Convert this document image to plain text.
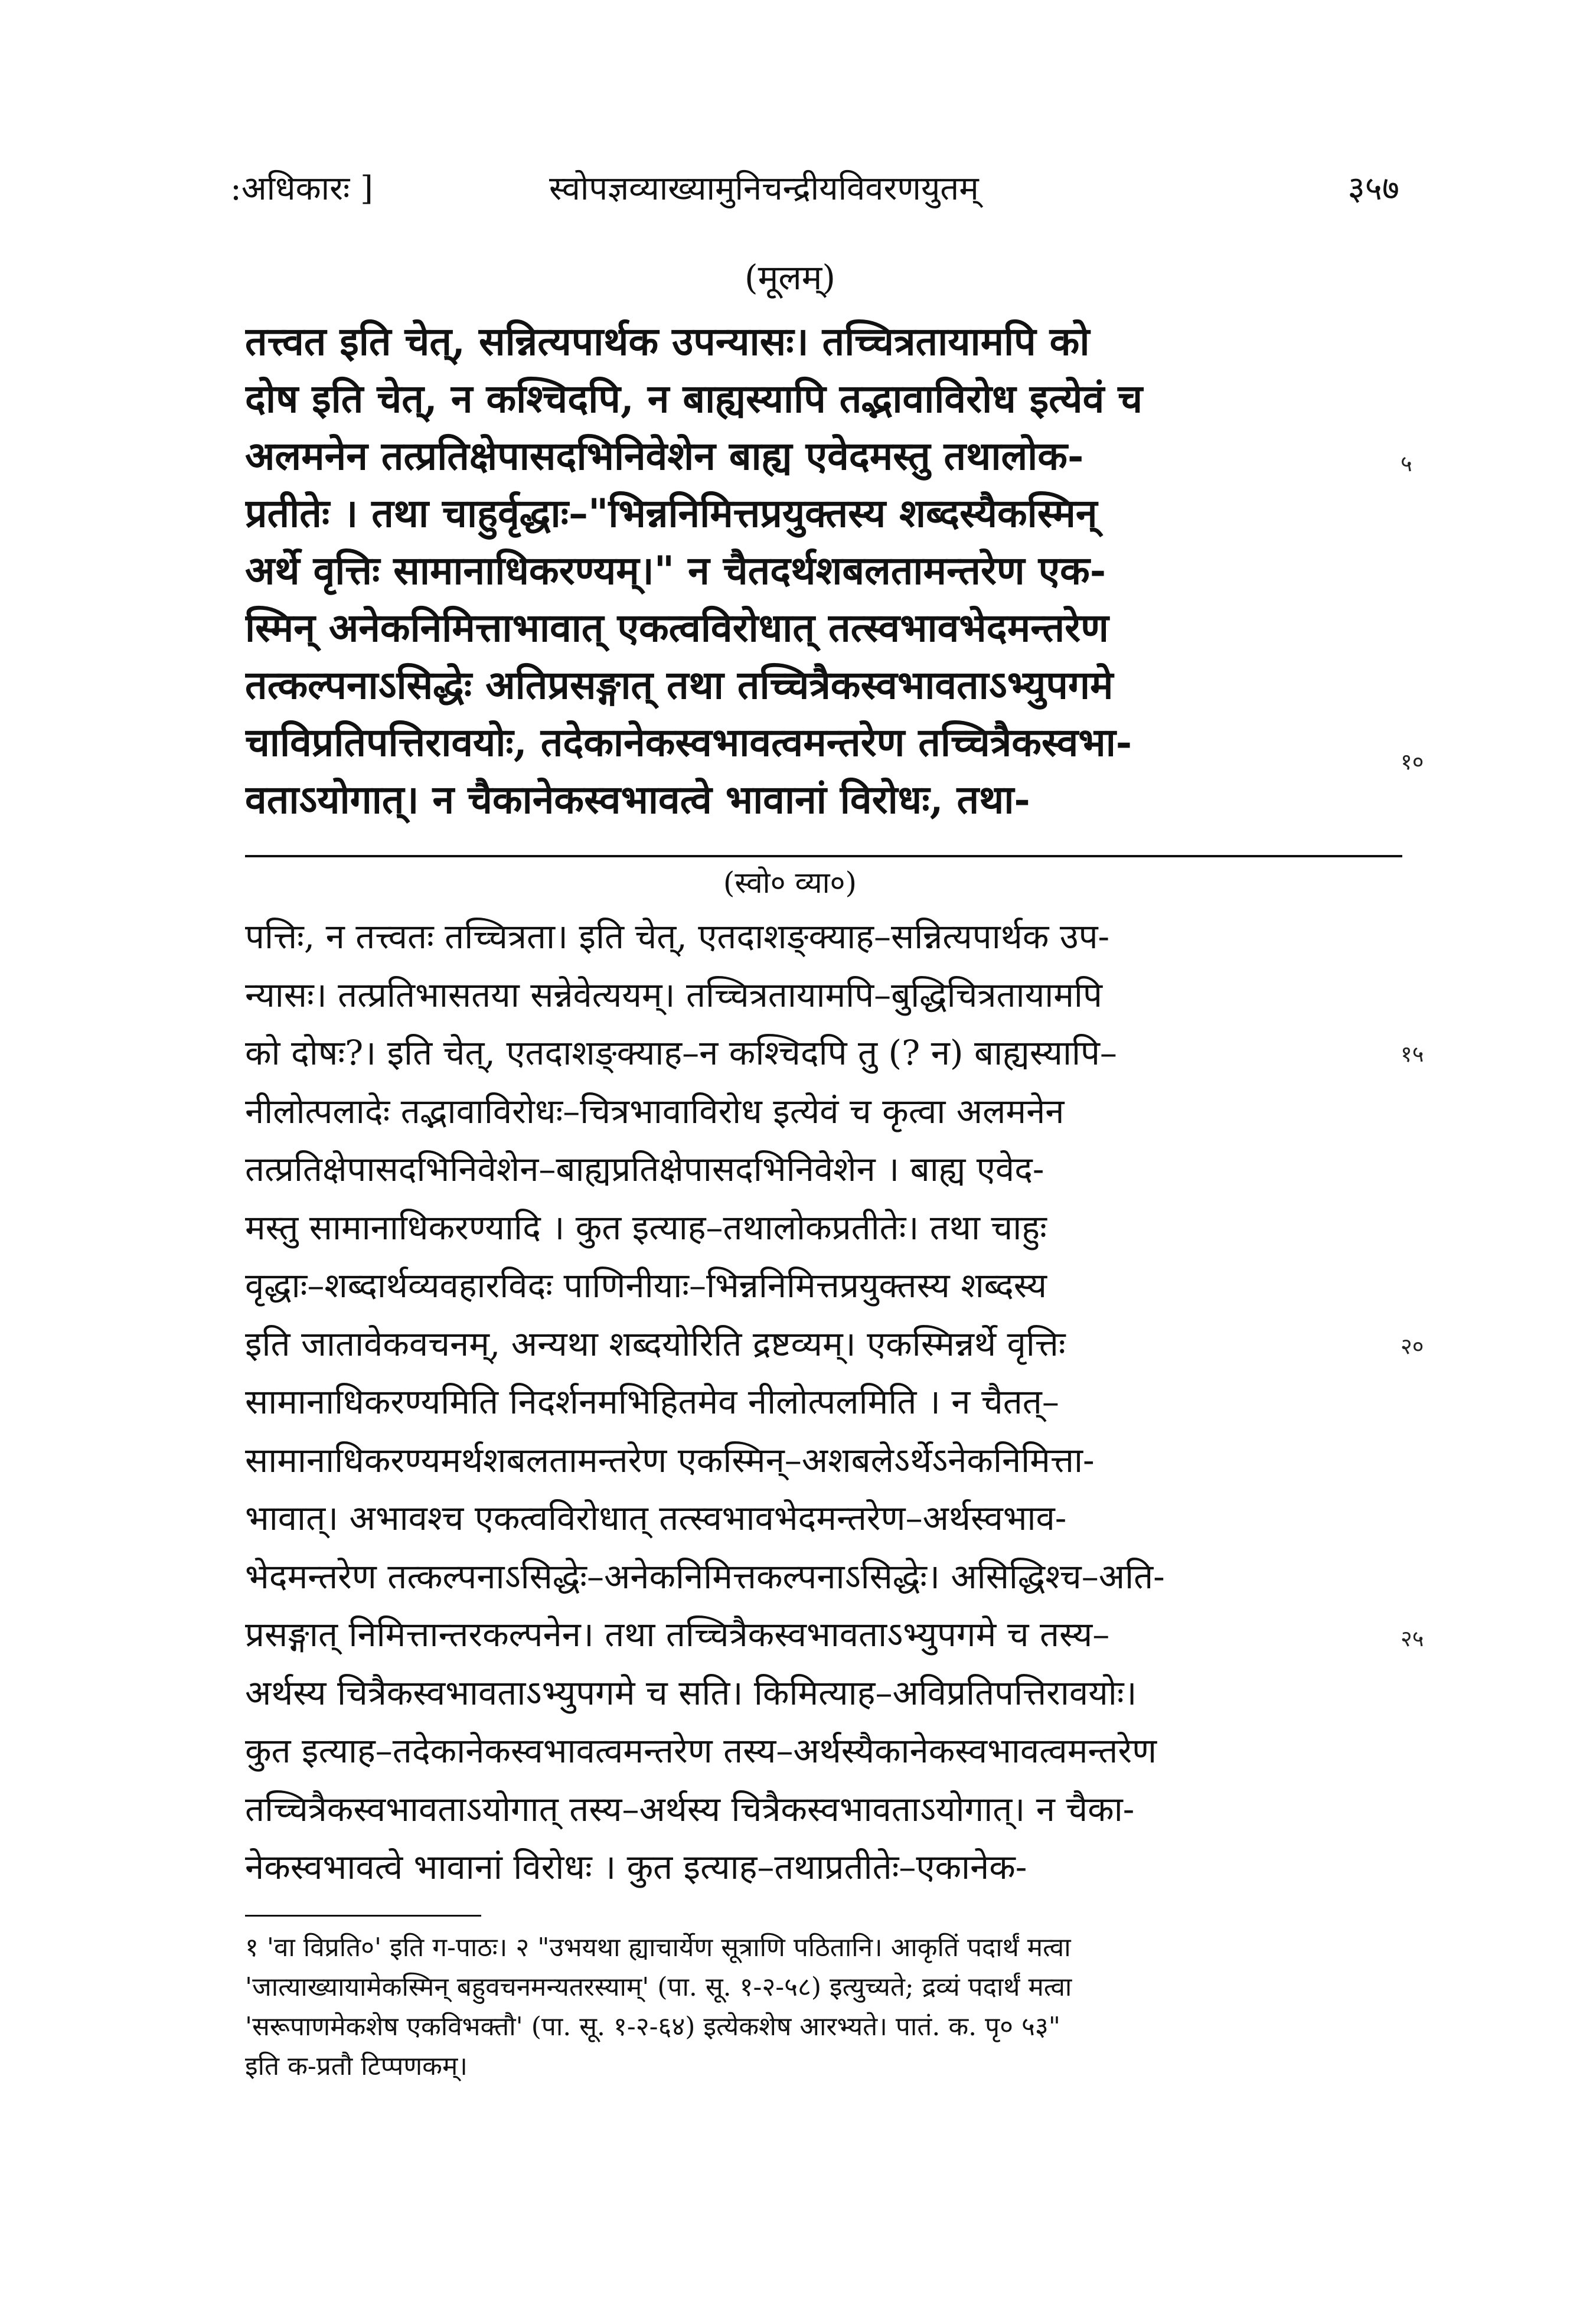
:अधिकारः ]	स्वोपज्ञव्याख्यामुनिचन्द्रीयविवरणयुतम्	३५७
(मूलम्)
तत्त्वत इति चेत्, सन्नित्यपार्थक उपन्यासः। तच्चित्रतायामपि को
दोष इति चेत्, न कश्चिदपि, न बाह्यस्यापि तद्भावाविरोध इत्येवं च
अलमनेन तत्प्रतिक्षेपासदभिनिवेशेन बाह्य एवेदमस्तु तथालोक-
प्रतीतेः । तथा चाहुर्वृद्धाः–"भिन्ननिमित्तप्रयुक्तस्य शब्दस्यैकस्मिन्
अर्थे वृत्तिः सामानाधिकरण्यम्।" न चैतदर्थशबलतामन्तरेण एक-
स्मिन् अनेकनिमित्ताभावात् एकत्वविरोधात् तत्स्वभावभेदमन्तरेण
तत्कल्पनाऽसिद्धेः अतिप्रसङ्गात् तथा तच्चित्रैकस्वभावताऽभ्युपगमे
चाविप्रतिपत्तिरावयोः, तदेकानेकस्वभावत्वमन्तरेण तच्चित्रैकस्वभा-
वताऽयोगात्। न चैकानेकस्वभावत्वे भावानां विरोधः, तथा-
५
१०
(स्वो० व्या०)
पत्तिः, न तत्त्वतः तच्चित्रता। इति चेत्, एतदाशङ्क्याह–सन्नित्यपार्थक उप-
न्यासः। तत्प्रतिभासतया सन्नेवेत्ययम्। तच्चित्रतायामपि–बुद्धिचित्रतायामपि
को दोषः?। इति चेत्, एतदाशङ्क्याह–न कश्चिदपि तु (? न) बाह्यस्यापि–
नीलोत्पलादेः तद्भावाविरोधः–चित्रभावाविरोध इत्येवं च कृत्वा अलमनेन
तत्प्रतिक्षेपासदभिनिवेशेन–बाह्यप्रतिक्षेपासदभिनिवेशेन । बाह्य एवेद-
मस्तु सामानाधिकरण्यादि । कुत इत्याह–तथालोकप्रतीतेः। तथा चाहुः
वृद्धाः–शब्दार्थव्यवहारविदः पाणिनीयाः–भिन्ननिमित्तप्रयुक्तस्य शब्दस्य
इति जातावेकवचनम्, अन्यथा शब्दयोरिति द्रष्टव्यम्। एकस्मिन्नर्थे वृत्तिः
सामानाधिकरण्यमिति निदर्शनमभिहितमेव नीलोत्पलमिति । न चैतत्–
सामानाधिकरण्यमर्थशबलतामन्तरेण एकस्मिन्–अशबलेऽर्थेऽनेकनिमित्ता-
भावात्। अभावश्च एकत्वविरोधात् तत्स्वभावभेदमन्तरेण–अर्थस्वभाव-
भेदमन्तरेण तत्कल्पनाऽसिद्धेः–अनेकनिमित्तकल्पनाऽसिद्धेः। असिद्धिश्च–अति-
प्रसङ्गात् निमित्तान्तरकल्पनेन। तथा तच्चित्रैकस्वभावताऽभ्युपगमे च तस्य–
अर्थस्य चित्रैकस्वभावताऽभ्युपगमे च सति। किमित्याह–अविप्रतिपत्तिरावयोः।
कुत इत्याह–तदेकानेकस्वभावत्वमन्तरेण तस्य–अर्थस्यैकानेकस्वभावत्वमन्तरेण
तच्चित्रैकस्वभावताऽयोगात् तस्य–अर्थस्य चित्रैकस्वभावताऽयोगात्। न चैका-
नेकस्वभावत्वे भावानां विरोधः । कुत इत्याह–तथाप्रतीतेः–एकानेक-
१५
२०
२५
१ 'वा विप्रति०' इति ग-पाठः। २ "उभयथा ह्याचार्येण सूत्राणि पठितानि। आकृतिं पदार्थं मत्वा
'जात्याख्यायामेकस्मिन् बहुवचनमन्यतरस्याम्' (पा. सू. १-२-५८) इत्युच्यते; द्रव्यं पदार्थं मत्वा
'सरूपाणमेकशेष एकविभक्तौ' (पा. सू. १-२-६४) इत्येकशेष आरभ्यते। पातं. क. पृ० ५३"
इति क-प्रतौ टिप्पणकम्।
